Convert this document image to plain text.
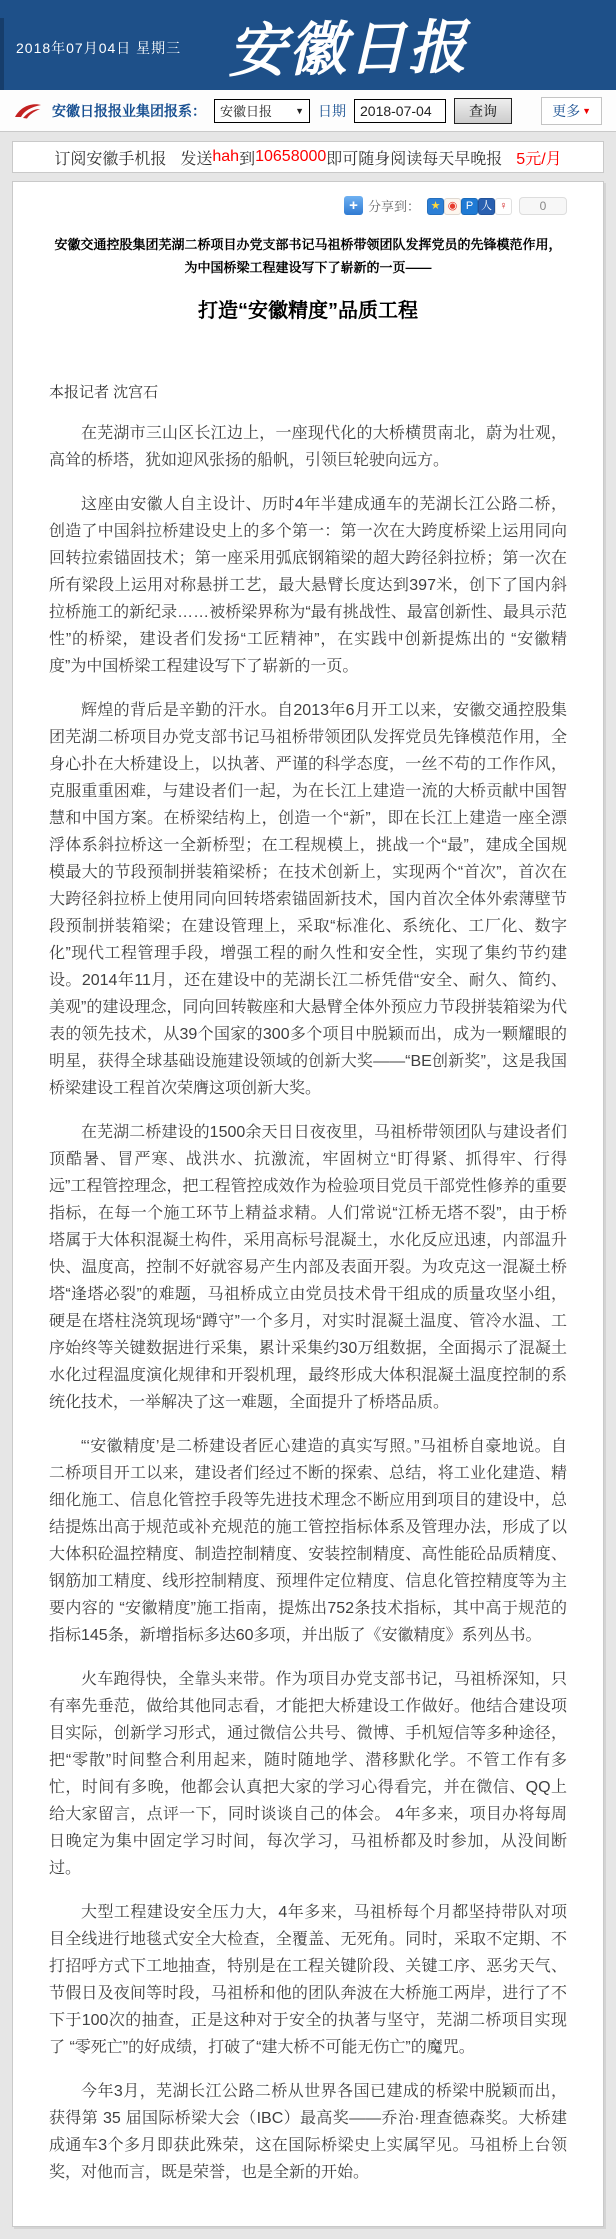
2018年07月04日 星期三 安徽日报
安徽日报报业集团报系： 安徽日报	▼ 日期	2018-07-04	查询	更多 ▼
订阅安徽手机报 发送 hah 到 10658000 即可随身阅读每天早晚报 5元/月
+ 分享到： ★ ◉ P 人 ♀	0
安徽交通控股集团芜湖二桥项目办党支部书记马祖桥带领团队发挥党员的先锋模范作用，
为中国桥梁工程建设写下了崭新的一页——
打造“安徽精度”品质工程
本报记者 沈宫石

在芜湖市三山区长江边上，一座现代化的大桥横贯南北，蔚为壮观，高耸的桥塔，犹如迎风张扬的船帆，引领巨轮驶向远方。

这座由安徽人自主设计、历时4年半建成通车的芜湖长江公路二桥，创造了中国斜拉桥建设史上的多个第一：第一次在大跨度桥梁上运用同向回转拉索锚固技术；第一座采用弧底钢箱梁的超大跨径斜拉桥；第一次在所有梁段上运用对称悬拼工艺，最大悬臂长度达到397米，创下了国内斜拉桥施工的新纪录……被桥梁界称为“最有挑战性、最富创新性、最具示范性”的桥梁，建设者们发扬“工匠精神”，在实践中创新提炼出的 “安徽精度”为中国桥梁工程建设写下了崭新的一页。

辉煌的背后是辛勤的汗水。自2013年6月开工以来，安徽交通控股集团芜湖二桥项目办党支部书记马祖桥带领团队发挥党员先锋模范作用，全身心扑在大桥建设上，以执著、严谨的科学态度，一丝不苟的工作作风，克服重重困难，与建设者们一起，为在长江上建造一流的大桥贡献中国智慧和中国方案。在桥梁结构上，创造一个“新”，即在长江上建造一座全漂浮体系斜拉桥这一全新桥型；在工程规模上，挑战一个“最”，建成全国规模最大的节段预制拼装箱梁桥；在技术创新上，实现两个“首次”，首次在大跨径斜拉桥上使用同向回转塔索锚固新技术，国内首次全体外索薄壁节段预制拼装箱梁；在建设管理上，采取“标准化、系统化、工厂化、数字化”现代工程管理手段，增强工程的耐久性和安全性，实现了集约节约建设。2014年11月，还在建设中的芜湖长江二桥凭借“安全、耐久、简约、美观”的建设理念，同向回转鞍座和大悬臂全体外预应力节段拼装箱梁为代表的领先技术，从39个国家的300多个项目中脱颖而出，成为一颗耀眼的明星，获得全球基础设施建设领域的创新大奖——“BE创新奖”，这是我国桥梁建设工程首次荣膺这项创新大奖。

在芜湖二桥建设的1500余天日日夜夜里，马祖桥带领团队与建设者们顶酷暑、冒严寒、战洪水、抗激流，牢固树立“盯得紧、抓得牢、行得远”工程管控理念，把工程管控成效作为检验项目党员干部党性修养的重要指标，在每一个施工环节上精益求精。人们常说“江桥无塔不裂”，由于桥塔属于大体积混凝土构件，采用高标号混凝土，水化反应迅速，内部温升快、温度高，控制不好就容易产生内部及表面开裂。为攻克这一混凝土桥塔“逢塔必裂”的难题，马祖桥成立由党员技术骨干组成的质量攻坚小组，硬是在塔柱浇筑现场“蹲守”一个多月，对实时混凝土温度、管冷水温、工序始终等关键数据进行采集，累计采集约30万组数据，全面揭示了混凝土水化过程温度演化规律和开裂机理，最终形成大体积混凝土温度控制的系统化技术，一举解决了这一难题，全面提升了桥塔品质。

“‘安徽精度’是二桥建设者匠心建造的真实写照。”马祖桥自豪地说。自二桥项目开工以来，建设者们经过不断的探索、总结，将工业化建造、精细化施工、信息化管控手段等先进技术理念不断应用到项目的建设中，总结提炼出高于规范或补充规范的施工管控指标体系及管理办法，形成了以大体积砼温控精度、制造控制精度、安装控制精度、高性能砼品质精度、钢筋加工精度、线形控制精度、预埋件定位精度、信息化管控精度等为主要内容的 “安徽精度”施工指南，提炼出752条技术指标，其中高于规范的指标145条，新增指标多达60多项，并出版了《安徽精度》系列丛书。

火车跑得快，全靠头来带。作为项目办党支部书记，马祖桥深知，只有率先垂范，做给其他同志看，才能把大桥建设工作做好。他结合建设项目实际，创新学习形式，通过微信公共号、微博、手机短信等多种途径，把“零散”时间整合利用起来，随时随地学、潜移默化学。不管工作有多忙，时间有多晚，他都会认真把大家的学习心得看完，并在微信、QQ上给大家留言，点评一下，同时谈谈自己的体会。 4年多来，项目办将每周日晚定为集中固定学习时间，每次学习，马祖桥都及时参加，从没间断过。

大型工程建设安全压力大，4年多来，马祖桥每个月都坚持带队对项目全线进行地毯式安全大检查，全覆盖、无死角。同时，采取不定期、不打招呼方式下工地抽查，特别是在工程关键阶段、关键工序、恶劣天气、节假日及夜间等时段，马祖桥和他的团队奔波在大桥施工两岸，进行了不下于100次的抽查，正是这种对于安全的执著与坚守，芜湖二桥项目实现了 “零死亡”的好成绩，打破了“建大桥不可能无伤亡”的魔咒。

今年3月，芜湖长江公路二桥从世界各国已建成的桥梁中脱颖而出，获得第 35 届国际桥梁大会（IBC）最高奖——乔治·理查德森奖。大桥建成通车3个多月即获此殊荣，这在国际桥梁史上实属罕见。马祖桥上台领奖，对他而言，既是荣誉，也是全新的开始。
